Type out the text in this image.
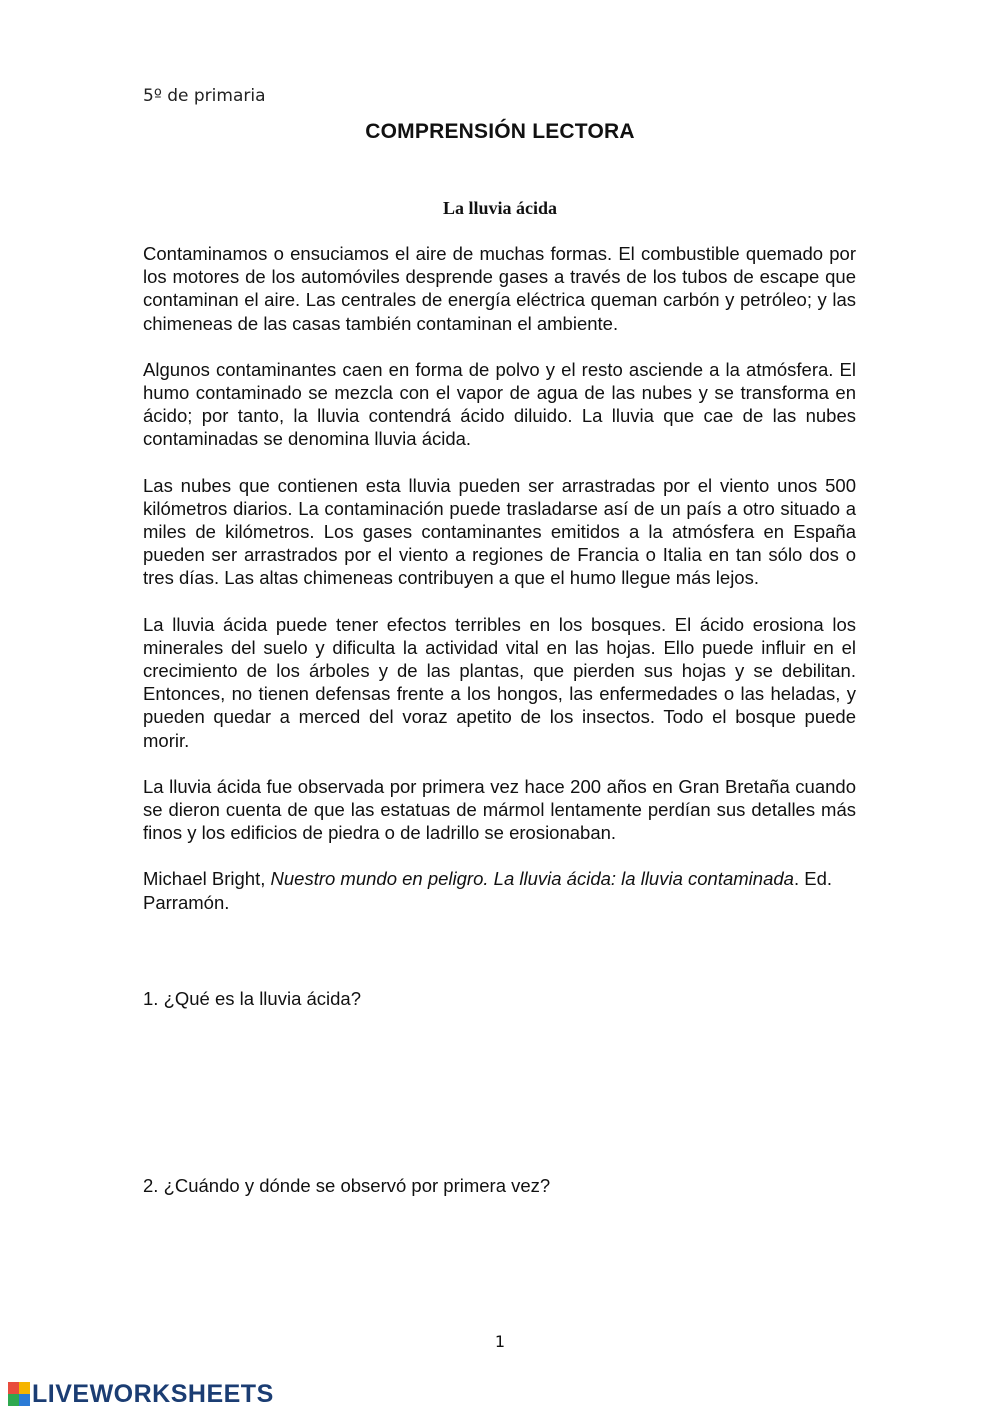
5º de primaria
COMPRENSIÓN LECTORA
La lluvia ácida

Contaminamos o ensuciamos el aire de muchas formas. El combustible quemado por los motores de los automóviles desprende gases a través de los tubos de escape que contaminan el aire. Las centrales de energía eléctrica queman carbón y petróleo; y las chimeneas de las casas también contaminan el ambiente.

Algunos contaminantes caen en forma de polvo y el resto asciende a la atmósfera. El humo contaminado se mezcla con el vapor de agua de las nubes y se transforma en ácido; por tanto, la lluvia contendrá ácido diluido. La lluvia que cae de las nubes contaminadas se denomina lluvia ácida.

Las nubes que contienen esta lluvia pueden ser arrastradas por el viento unos 500 kilómetros diarios. La contaminación puede trasladarse así de un país a otro situado a miles de kilómetros. Los gases contaminantes emitidos a la atmósfera en España pueden ser arrastrados por el viento a regiones de Francia o Italia en tan sólo dos o tres días. Las altas chimeneas contribuyen a que el humo llegue más lejos.

La lluvia ácida puede tener efectos terribles en los bosques. El ácido erosiona los minerales del suelo y dificulta la actividad vital en las hojas. Ello puede influir en el crecimiento de los árboles y de las plantas, que pierden sus hojas y se debilitan. Entonces, no tienen defensas frente a los hongos, las enfermedades o las heladas, y pueden quedar a merced del voraz apetito de los insectos. Todo el bosque puede morir.

La lluvia ácida fue observada por primera vez hace 200 años en Gran Bretaña cuando se dieron cuenta de que las estatuas de mármol lentamente perdían sus detalles más finos y los edificios de piedra o de ladrillo se erosionaban.

Michael Bright, Nuestro mundo en peligro. La lluvia ácida: la lluvia contaminada. Ed. Parramón.

1. ¿Qué es la lluvia ácida?
2. ¿Cuándo y dónde se observó por primera vez?
1
LIVEWORKSHEETS
